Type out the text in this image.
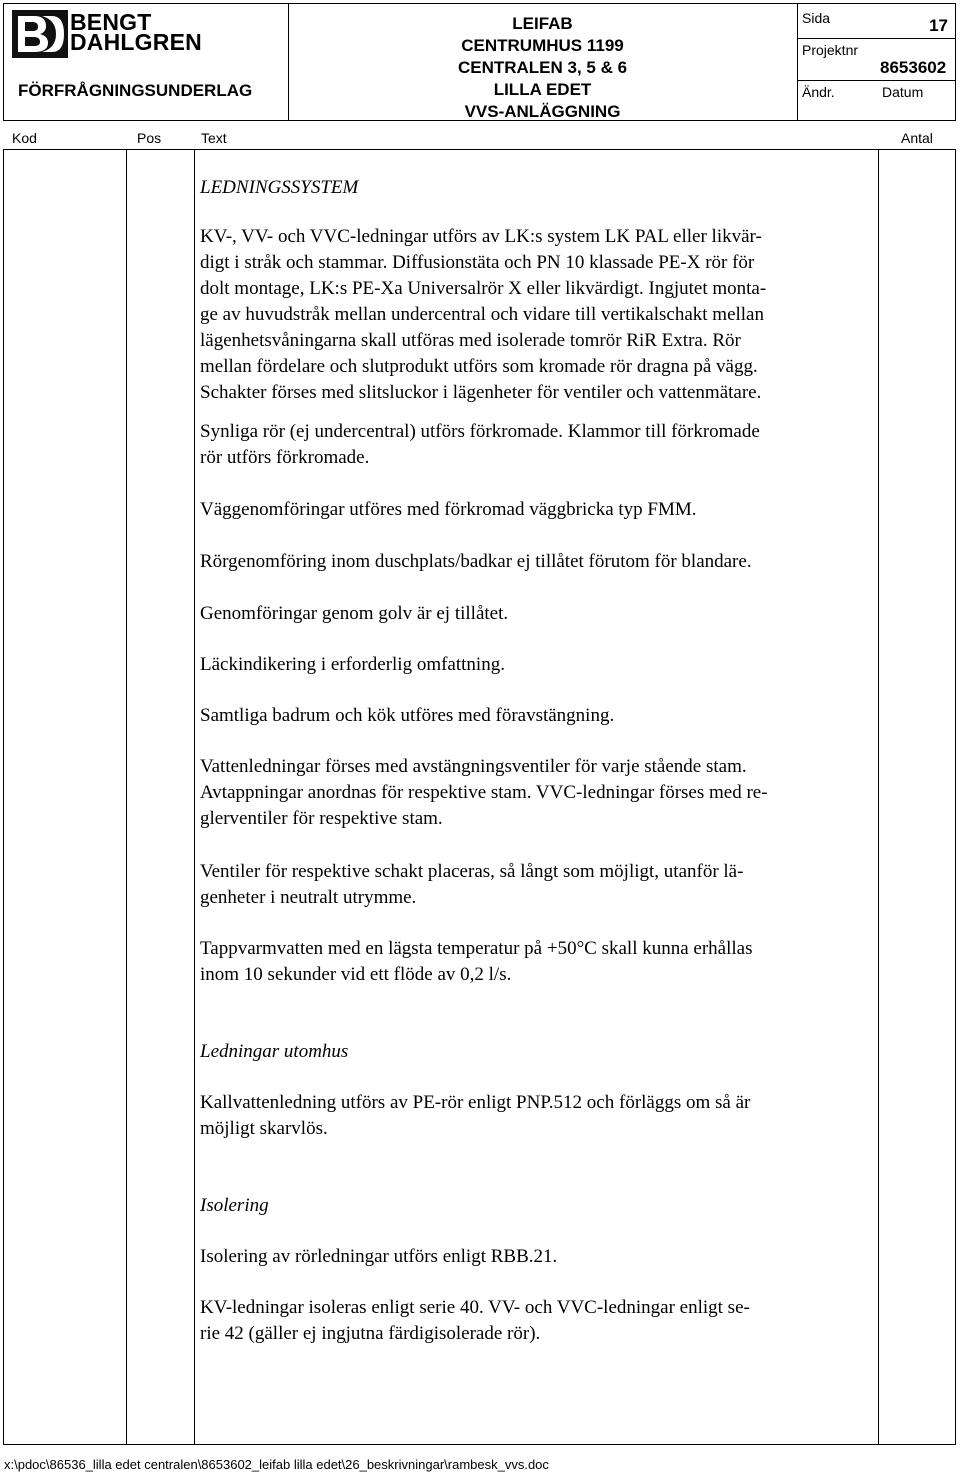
BENGT
DAHLGREN
FÖRFRÅGNINGSUNDERLAG
LEIFAB
CENTRUMHUS 1199
CENTRALEN 3, 5 & 6
LILLA EDET
VVS-ANLÄGGNING
Sida	17
Projektnr
8653602
Ändr.	Datum
Kod	Pos	Text	Antal

LEDNINGSSYSTEM

KV-, VV- och VVC-ledningar utförs av LK:s system LK PAL eller likvär-
digt i stråk och stammar. Diffusionstäta och PN 10 klassade PE-X rör för
dolt montage, LK:s PE-Xa Universalrör X eller likvärdigt. Ingjutet monta-
ge av huvudstråk mellan undercentral och vidare till vertikalschakt mellan
lägenhetsvåningarna skall utföras med isolerade tomrör RiR Extra. Rör
mellan fördelare och slutprodukt utförs som kromade rör dragna på vägg.
Schakter förses med slitsluckor i lägenheter för ventiler och vattenmätare.

Synliga rör (ej undercentral) utförs förkromade. Klammor till förkromade
rör utförs förkromade.

Väggenomföringar utföres med förkromad väggbricka typ FMM.

Rörgenomföring inom duschplats/badkar ej tillåtet förutom för blandare.

Genomföringar genom golv är ej tillåtet.

Läckindikering i erforderlig omfattning.

Samtliga badrum och kök utföres med föravstängning.

Vattenledningar förses med avstängningsventiler för varje stående stam.
Avtappningar anordnas för respektive stam. VVC-ledningar förses med re-
glerventiler för respektive stam.

Ventiler för respektive schakt placeras, så långt som möjligt, utanför lä-
genheter i neutralt utrymme.

Tappvarmvatten med en lägsta temperatur på +50°C skall kunna erhållas
inom 10 sekunder vid ett flöde av 0,2 l/s.

Ledningar utomhus

Kallvattenledning utförs av PE-rör enligt PNP.512 och förläggs om så är
möjligt skarvlös.

Isolering

Isolering av rörledningar utförs enligt RBB.21.

KV-ledningar isoleras enligt serie 40. VV- och VVC-ledningar enligt se-
rie 42 (gäller ej ingjutna färdigisolerade rör).

x:\pdoc\86536_lilla edet centralen\8653602_leifab lilla edet\26_beskrivningar\rambesk_vvs.doc
